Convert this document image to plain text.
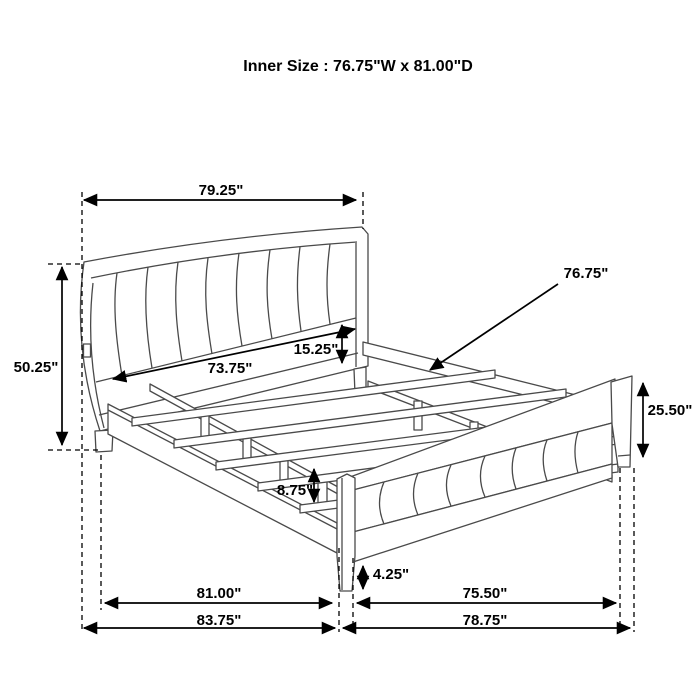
79.25"
50.25"	73.75"
15.25"
76.75"
25.50"
8.75"
4.25"
81.00"
83.75"
75.50"
78.75"
Inner Size : 76.75"W x 81.00"D
